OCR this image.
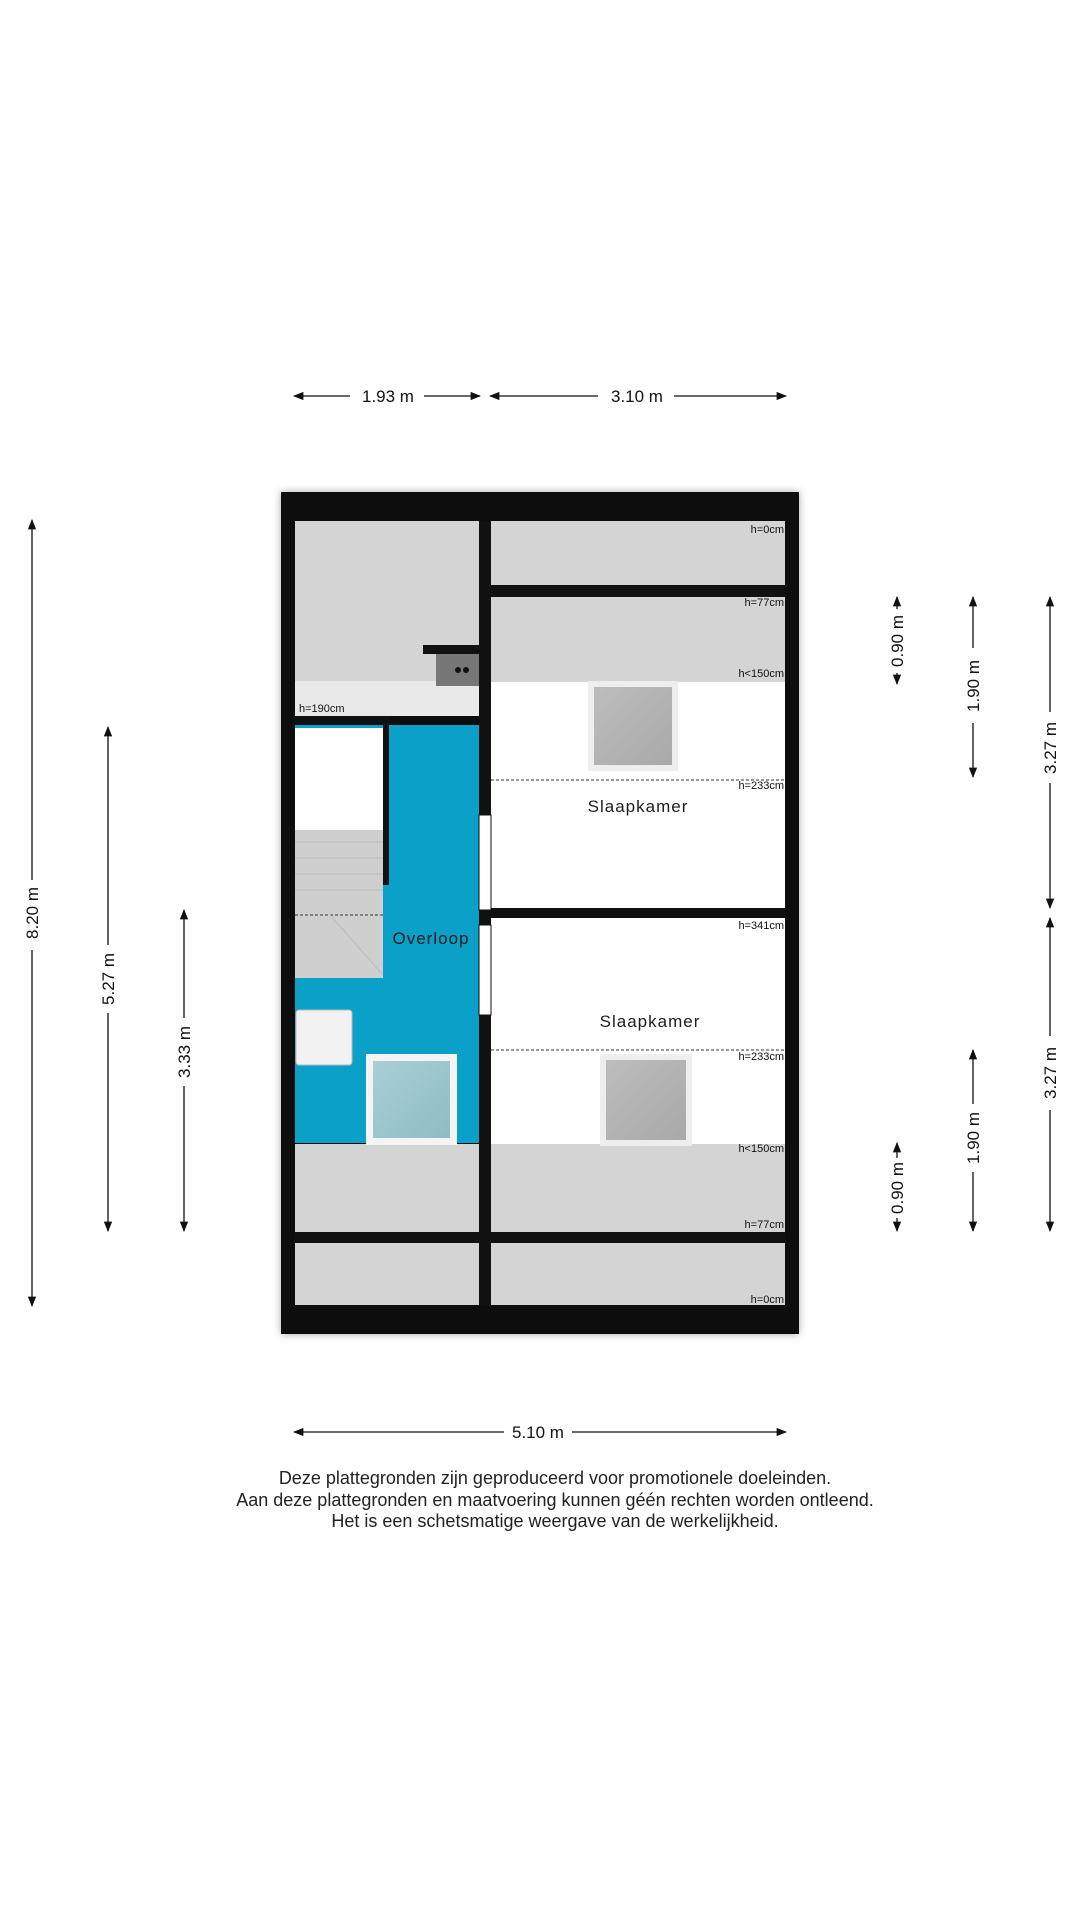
h=0cm
h=77cm
h<150cm
h=233cm
h=341cm
h=233cm
h<150cm
h=77cm
h=0cm
h=190cm
Slaapkamer
Slaapkamer
Overloop
1.93 m	3.10 m
5.10 m
8.20 m
5.27 m
3.33 m
0.90 m
1.90 m
3.27 m
3.27 m
1.90 m
0.90 m
Deze plattegronden zijn geproduceerd voor promotionele doeleinden.
Aan deze plattegronden en maatvoering kunnen géén rechten worden ontleend.
Het is een schetsmatige weergave van de werkelijkheid.
